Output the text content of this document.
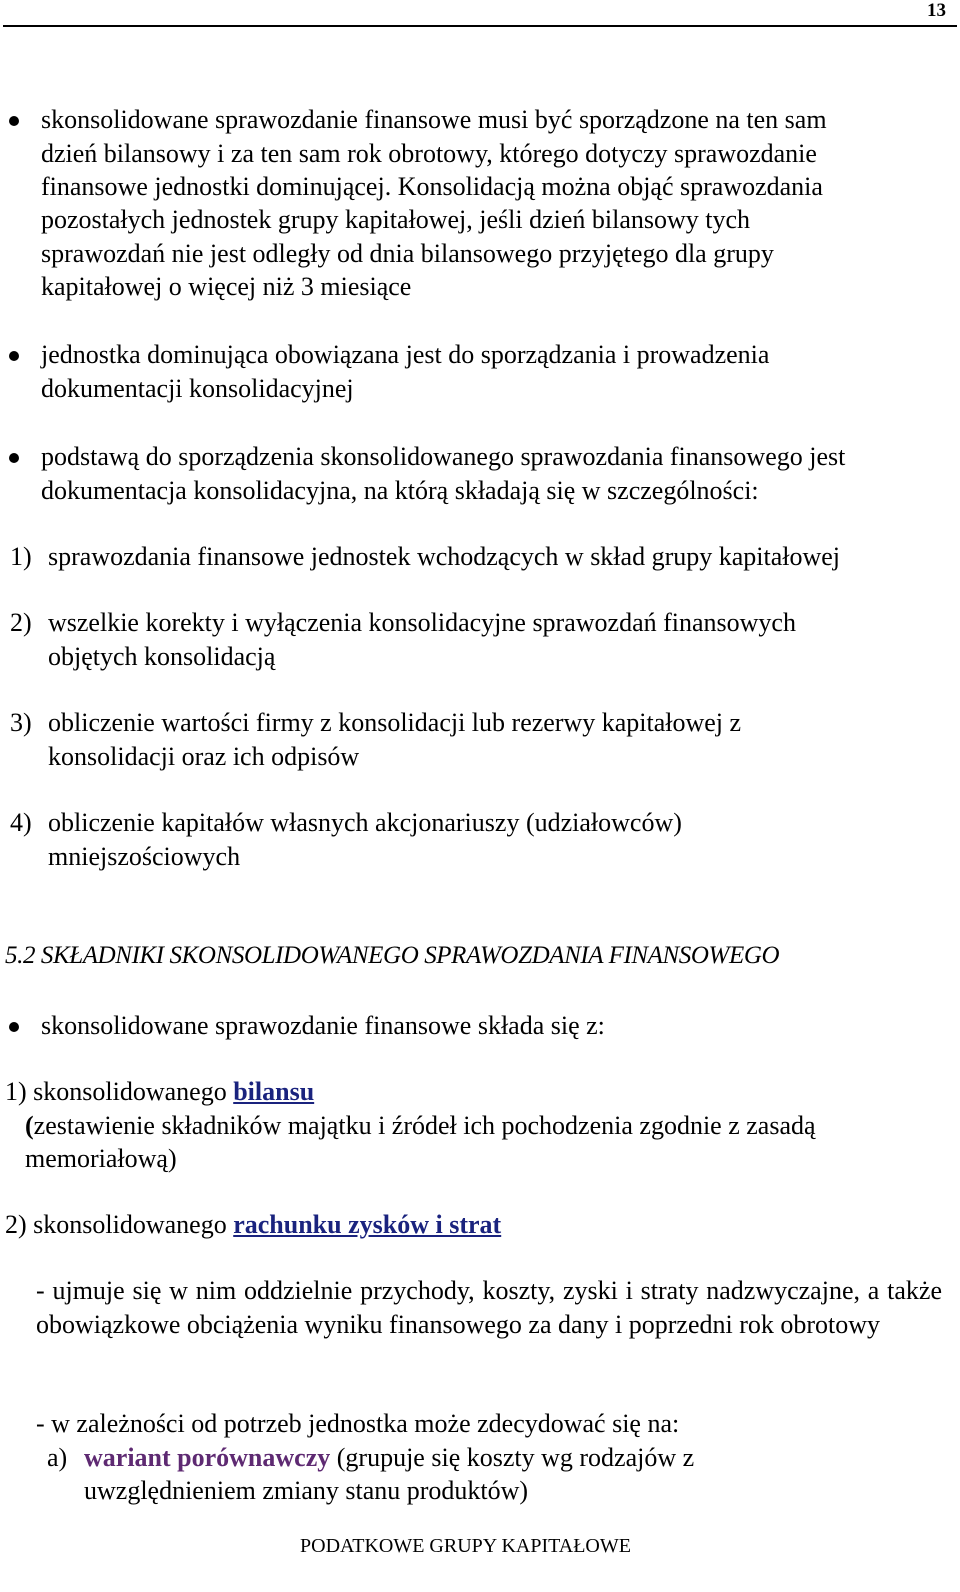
13
skonsolidowane sprawozdanie finansowe musi być sporządzone na ten sam
dzień bilansowy i za ten sam rok obrotowy, którego dotyczy sprawozdanie
finansowe jednostki dominującej. Konsolidacją można objąć sprawozdania
pozostałych jednostek grupy kapitałowej, jeśli dzień bilansowy tych
sprawozdań nie jest odległy od dnia bilansowego przyjętego dla grupy
kapitałowej o więcej niż 3 miesiące
jednostka dominująca obowiązana jest do sporządzania i prowadzenia
dokumentacji konsolidacyjnej
podstawą do sporządzenia skonsolidowanego sprawozdania finansowego jest
dokumentacja konsolidacyjna, na którą składają się w szczególności:
1) sprawozdania finansowe jednostek wchodzących w skład grupy kapitałowej
2) wszelkie korekty i wyłączenia konsolidacyjne sprawozdań finansowych
objętych konsolidacją
3) obliczenie wartości firmy z konsolidacji lub rezerwy kapitałowej z
konsolidacji oraz ich odpisów
4) obliczenie kapitałów własnych akcjonariuszy (udziałowców)
mniejszościowych
5.2 SKŁADNIKI SKONSOLIDOWANEGO SPRAWOZDANIA FINANSOWEGO
skonsolidowane sprawozdanie finansowe składa się z:
1) skonsolidowanego bilansu
(zestawienie składników majątku i źródeł ich pochodzenia zgodnie z zasadą
memoriałową)
2) skonsolidowanego rachunku zysków i strat
- ujmuje się w nim oddzielnie przychody, koszty, zyski i straty nadzwyczajne, a także obowiązkowe obciążenia wyniku finansowego za dany i poprzedni rok obrotowy
- w zależności od potrzeb jednostka może zdecydować się na:
a) wariant porównawczy (grupuje się koszty wg rodzajów z
uwzględnieniem zmiany stanu produktów)
PODATKOWE GRUPY KAPITAŁOWE
